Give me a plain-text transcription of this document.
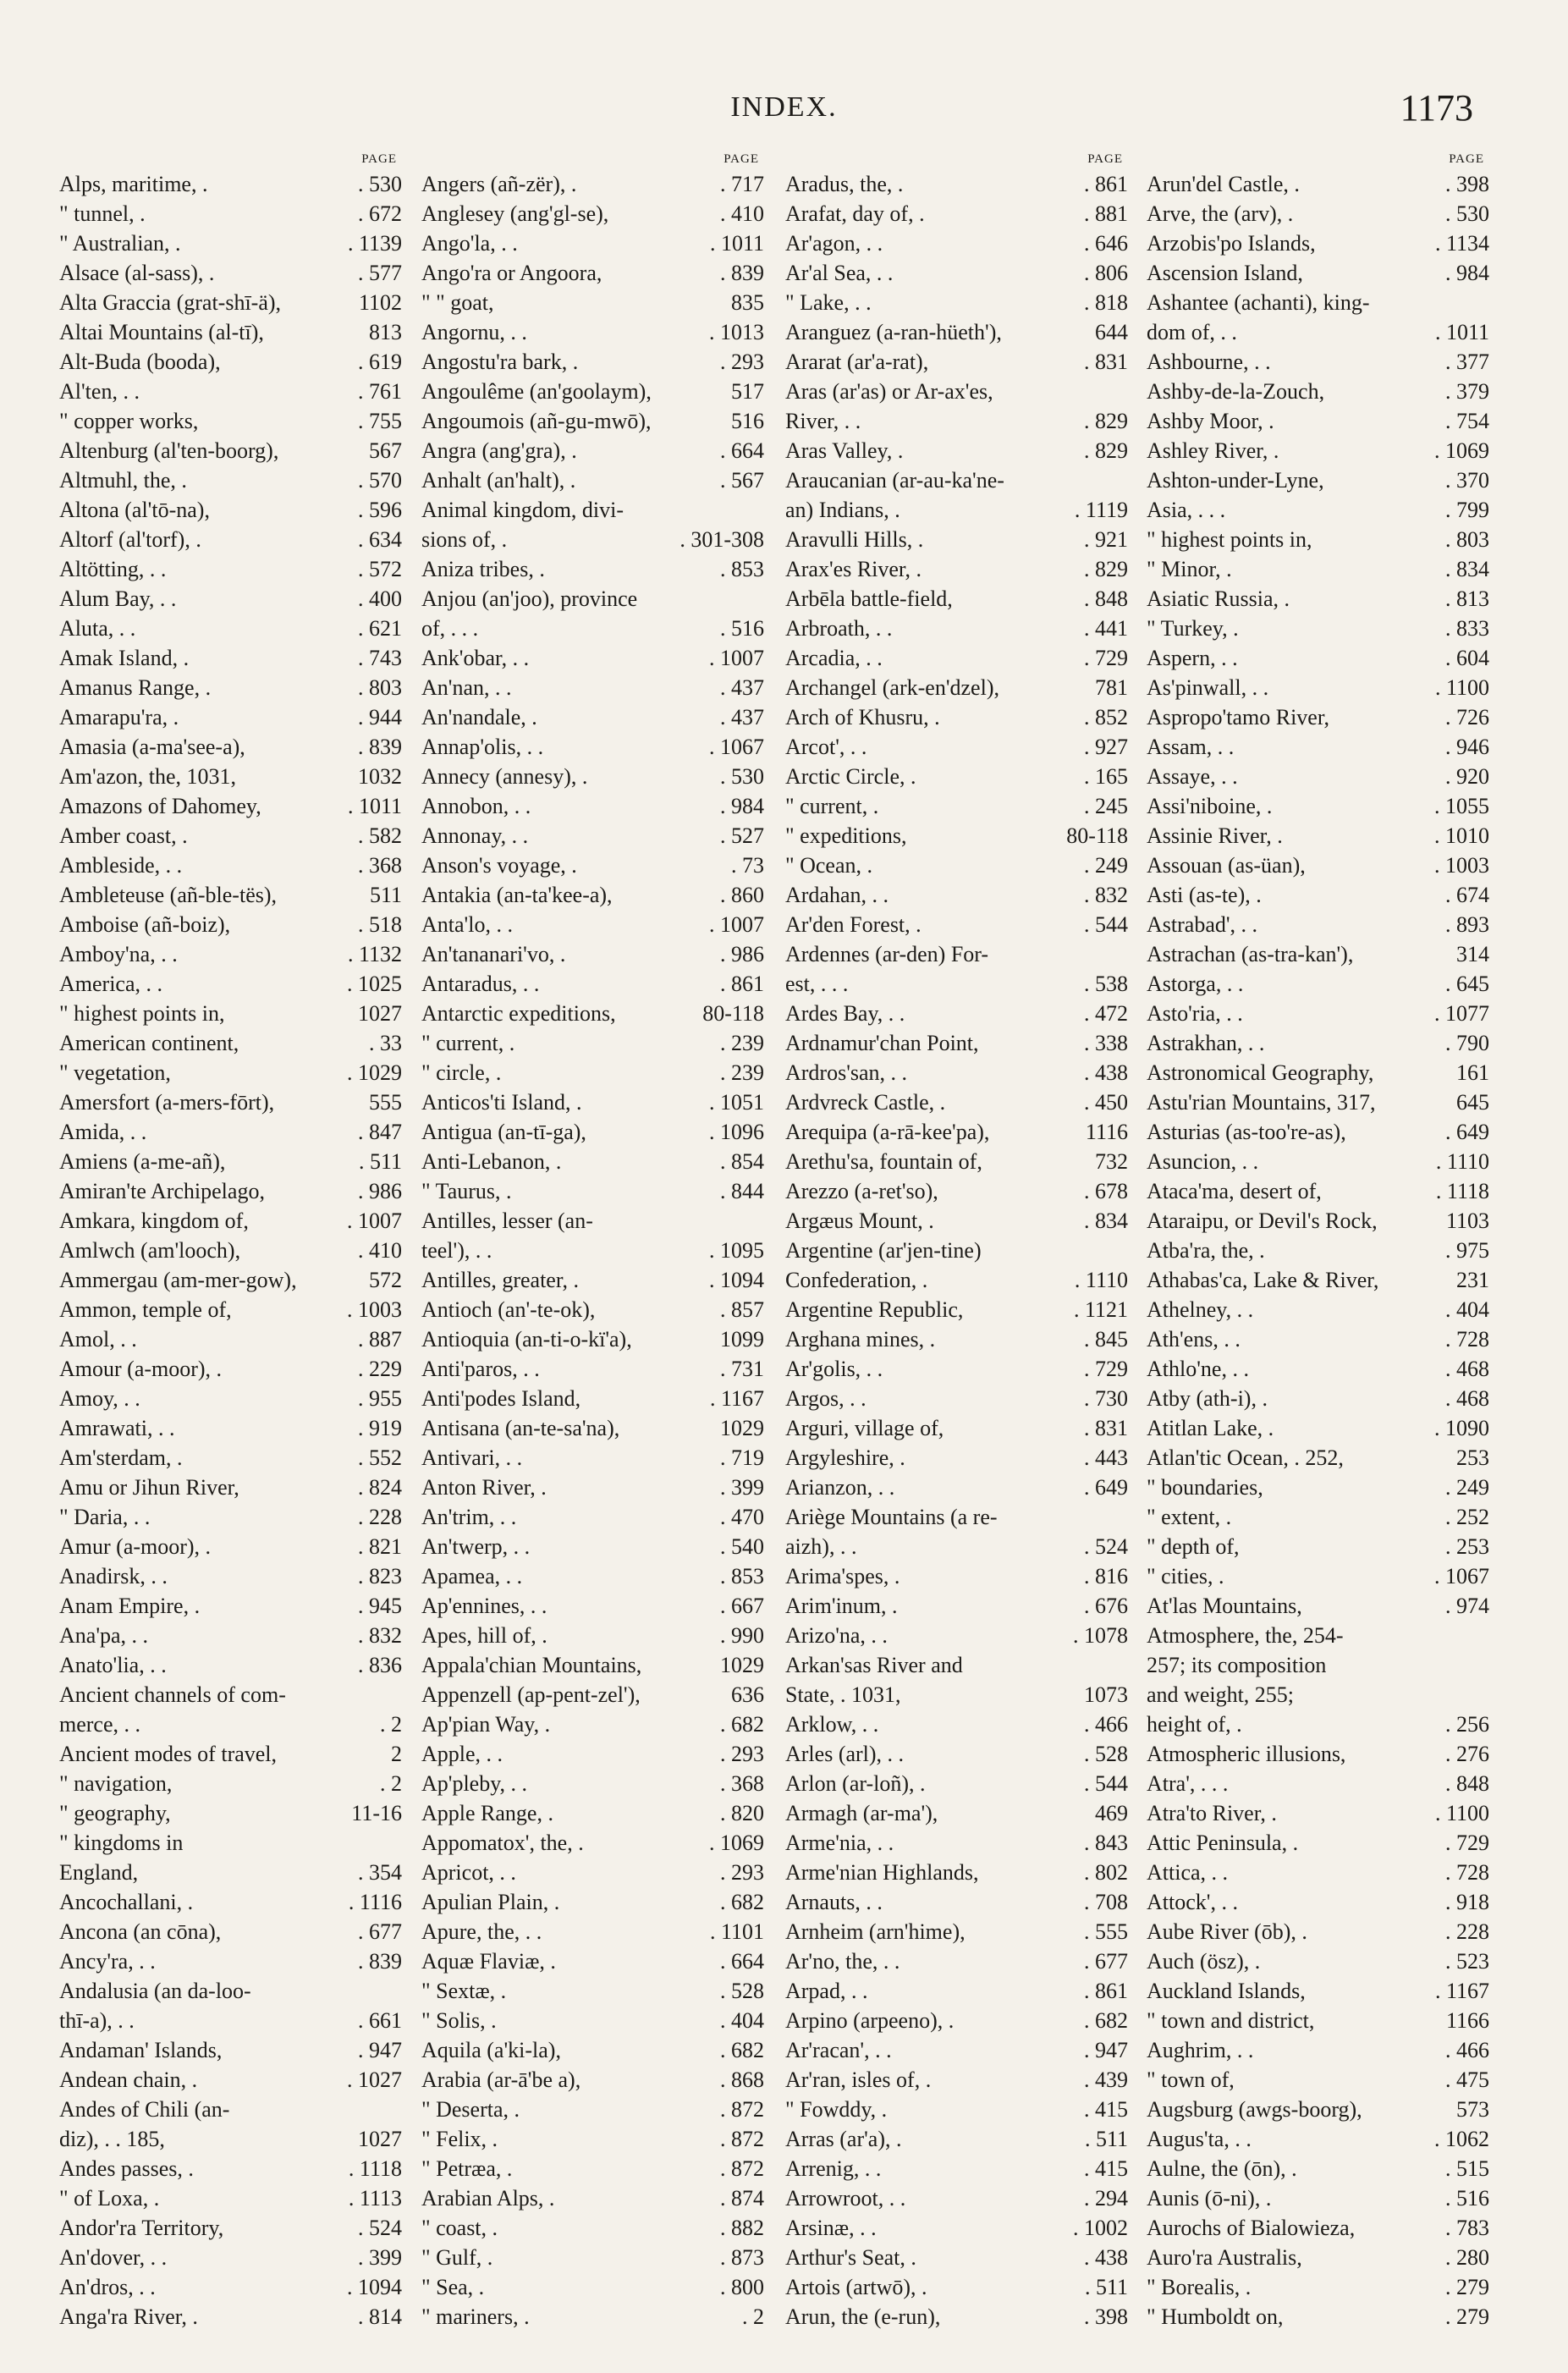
INDEX.	1173
PAGE
Alps, maritime, .	. 530
" tunnel, .	. 672
" Australian, .	. 1139
Alsace (al-sass), .	. 577
Alta Graccia (grat-shī-ä),	1102
Altai Mountains (al-tī),	813
Alt-Buda (booda),	. 619
Al'ten, . .	. 761
" copper works,	. 755
Altenburg (al'ten-boorg),	567
Altmuhl, the, .	. 570
Altona (al'tō-na),	. 596
Altorf (al'torf), .	. 634
Altötting, . .	. 572
Alum Bay, . .	. 400
Aluta, . .	. 621
Amak Island, .	. 743
Amanus Range, .	. 803
Amarapu'ra, .	. 944
Amasia (a-ma'see-a),	. 839
Am'azon, the, 1031,	1032
Amazons of Dahomey,	. 1011
Amber coast, .	. 582
Ambleside, . .	. 368
Ambleteuse (añ-ble-tës),	511
Amboise (añ-boiz),	. 518
Amboy'na, . .	. 1132
America, . .	. 1025
" highest points in,	1027
American continent,	. 33
" vegetation,	. 1029
Amersfort (a-mers-fōrt),	555
Amida, . .	. 847
Amiens (a-me-añ),	. 511
Amiran'te Archipelago,	. 986
Amkara, kingdom of,	. 1007
Amlwch (am'looch),	. 410
Ammergau (am-mer-gow),	572
Ammon, temple of,	. 1003
Amol, . .	. 887
Amour (a-moor), .	. 229
Amoy, . .	. 955
Amrawati, . .	. 919
Am'sterdam, .	. 552
Amu or Jihun River,	. 824
" Daria, . .	. 228
Amur (a-moor), .	. 821
Anadirsk, . .	. 823
Anam Empire, .	. 945
Ana'pa, . .	. 832
Anato'lia, . .	. 836
Ancient channels of com-
merce, . .	. 2
Ancient modes of travel,	2
" navigation,	. 2
" geography,	11-16
" kingdoms in
England,	. 354
Ancochallani, .	. 1116
Ancona (an cōna),	. 677
Ancy'ra, . .	. 839
Andalusia (an da-loo-
thī-a), . .	. 661
Andaman' Islands,	. 947
Andean chain, .	. 1027
Andes of Chili (an-
diz), . . 185,	1027
Andes passes, .	. 1118
" of Loxa, .	. 1113
Andor'ra Territory,	. 524
An'dover, . .	. 399
An'dros, . .	. 1094
Anga'ra River, .	. 814
PAGE
Angers (añ-zër), .	. 717
Anglesey (ang'gl-se),	. 410
Ango'la, . .	. 1011
Ango'ra or Angoora,	. 839
" " goat,	835
Angornu, . .	. 1013
Angostu'ra bark, .	. 293
Angoulême (an'goolaym),	517
Angoumois (añ-gu-mwō),	516
Angra (ang'gra), .	. 664
Anhalt (an'halt), .	. 567
Animal kingdom, divi-
sions of, .	. 301-308
Aniza tribes, .	. 853
Anjou (an'joo), province
of, . . .	. 516
Ank'obar, . .	. 1007
An'nan, . .	. 437
An'nandale, .	. 437
Annap'olis, . .	. 1067
Annecy (annesy), .	. 530
Annobon, . .	. 984
Annonay, . .	. 527
Anson's voyage, .	. 73
Antakia (an-ta'kee-a),	. 860
Anta'lo, . .	. 1007
An'tananari'vo, .	. 986
Antaradus, . .	. 861
Antarctic expeditions,	80-118
" current, .	. 239
" circle, .	. 239
Anticos'ti Island, .	. 1051
Antigua (an-tī-ga),	. 1096
Anti-Lebanon, .	. 854
" Taurus, .	. 844
Antilles, lesser (an-
teel'), . .	. 1095
Antilles, greater, .	. 1094
Antioch (an'-te-ok),	. 857
Antioquia (an-ti-o-kï'a),	1099
Anti'paros, . .	. 731
Anti'podes Island,	. 1167
Antisana (an-te-sa'na),	1029
Antivari, . .	. 719
Anton River, .	. 399
An'trim, . .	. 470
An'twerp, . .	. 540
Apamea, . .	. 853
Ap'ennines, . .	. 667
Apes, hill of, .	. 990
Appala'chian Mountains,	1029
Appenzell (ap-pent-zel'),	636
Ap'pian Way, .	. 682
Apple, . .	. 293
Ap'pleby, . .	. 368
Apple Range, .	. 820
Appomatox', the, .	. 1069
Apricot, . .	. 293
Apulian Plain, .	. 682
Apure, the, . .	. 1101
Aquæ Flaviæ, .	. 664
" Sextæ, .	. 528
" Solis, .	. 404
Aquila (a'ki-la),	. 682
Arabia (ar-ā'be a),	. 868
" Deserta, .	. 872
" Felix, .	. 872
" Petræa, .	. 872
Arabian Alps, .	. 874
" coast, .	. 882
" Gulf, .	. 873
" Sea, .	. 800
" mariners, .	. 2
PAGE
Aradus, the, .	. 861
Arafat, day of, .	. 881
Ar'agon, . .	. 646
Ar'al Sea, . .	. 806
" Lake, . .	. 818
Aranguez (a-ran-hüeth'),	644
Ararat (ar'a-rat),	. 831
Aras (ar'as) or Ar-ax'es,
River, . .	. 829
Aras Valley, .	. 829
Araucanian (ar-au-ka'ne-
an) Indians, .	. 1119
Aravulli Hills, .	. 921
Arax'es River, .	. 829
Arbēla battle-field,	. 848
Arbroath, . .	. 441
Arcadia, . .	. 729
Archangel (ark-en'dzel),	781
Arch of Khusru, .	. 852
Arcot', . .	. 927
Arctic Circle, .	. 165
" current, .	. 245
" expeditions,	80-118
" Ocean, .	. 249
Ardahan, . .	. 832
Ar'den Forest, .	. 544
Ardennes (ar-den) For-
est, . . .	. 538
Ardes Bay, . .	. 472
Ardnamur'chan Point,	. 338
Ardros'san, . .	. 438
Ardvreck Castle, .	. 450
Arequipa (a-rā-kee'pa),	1116
Arethu'sa, fountain of,	732
Arezzo (a-ret'so),	. 678
Argæus Mount, .	. 834
Argentine (ar'jen-tine)
Confederation, .	. 1110
Argentine Republic,	. 1121
Arghana mines, .	. 845
Ar'golis, . .	. 729
Argos, . .	. 730
Arguri, village of,	. 831
Argyleshire, .	. 443
Arianzon, . .	. 649
Ariège Mountains (a re-
aizh), . .	. 524
Arima'spes, .	. 816
Arim'inum, .	. 676
Arizo'na, . .	. 1078
Arkan'sas River and
State, . 1031,	1073
Arklow, . .	. 466
Arles (arl), . .	. 528
Arlon (ar-loñ), .	. 544
Armagh (ar-ma'),	469
Arme'nia, . .	. 843
Arme'nian Highlands,	. 802
Arnauts, . .	. 708
Arnheim (arn'hime),	. 555
Ar'no, the, . .	. 677
Arpad, . .	. 861
Arpino (arpeeno), .	. 682
Ar'racan', . .	. 947
Ar'ran, isles of, .	. 439
" Fowddy, .	. 415
Arras (ar'a), .	. 511
Arrenig, . .	. 415
Arrowroot, . .	. 294
Arsinæ, . .	. 1002
Arthur's Seat, .	. 438
Artois (artwō), .	. 511
Arun, the (e-run),	. 398
PAGE
Arun'del Castle, .	. 398
Arve, the (arv), .	. 530
Arzobis'po Islands,	. 1134
Ascension Island,	. 984
Ashantee (achanti), king-
dom of, . .	. 1011
Ashbourne, . .	. 377
Ashby-de-la-Zouch,	. 379
Ashby Moor, .	. 754
Ashley River, .	. 1069
Ashton-under-Lyne,	. 370
Asia, . . .	. 799
" highest points in,	. 803
" Minor, .	. 834
Asiatic Russia, .	. 813
" Turkey, .	. 833
Aspern, . .	. 604
As'pinwall, . .	. 1100
Aspropo'tamo River,	. 726
Assam, . .	. 946
Assaye, . .	. 920
Assi'niboine, .	. 1055
Assinie River, .	. 1010
Assouan (as-üan),	. 1003
Asti (as-te), .	. 674
Astrabad', . .	. 893
Astrachan (as-tra-kan'),	314
Astorga, . .	. 645
Asto'ria, . .	. 1077
Astrakhan, . .	. 790
Astronomical Geography,	161
Astu'rian Mountains, 317,	645
Asturias (as-too're-as),	. 649
Asuncion, . .	. 1110
Ataca'ma, desert of,	. 1118
Ataraipu, or Devil's Rock,	1103
Atba'ra, the, .	. 975
Athabas'ca, Lake & River,	231
Athelney, . .	. 404
Ath'ens, . .	. 728
Athlo'ne, . .	. 468
Atby (ath-i), .	. 468
Atitlan Lake, .	. 1090
Atlan'tic Ocean, . 252,	253
" boundaries,	. 249
" extent, .	. 252
" depth of,	. 253
" cities, .	. 1067
At'las Mountains,	. 974
Atmosphere, the, 254-
257; its composition
and weight, 255;
height of, .	. 256
Atmospheric illusions,	. 276
Atra', . . .	. 848
Atra'to River, .	. 1100
Attic Peninsula, .	. 729
Attica, . .	. 728
Attock', . .	. 918
Aube River (ōb), .	. 228
Auch (ösz), .	. 523
Auckland Islands,	. 1167
" town and district,	1166
Aughrim, . .	. 466
" town of,	. 475
Augsburg (awgs-boorg),	573
Augus'ta, . .	. 1062
Aulne, the (ōn), .	. 515
Aunis (ō-ni), .	. 516
Aurochs of Bialowieza,	. 783
Auro'ra Australis,	. 280
" Borealis, .	. 279
" Humboldt on,	. 279
